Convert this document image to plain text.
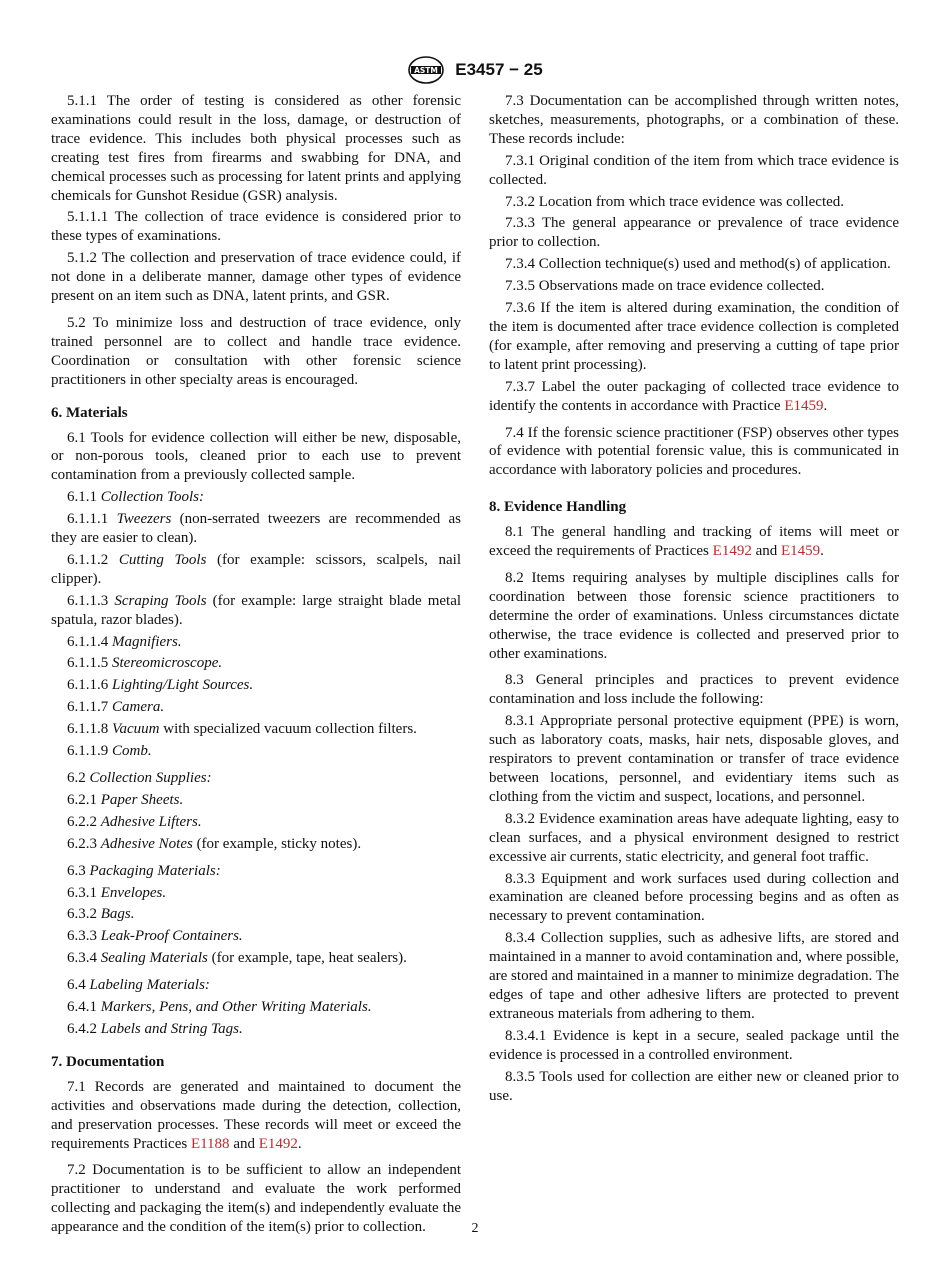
ASTM E3457 − 25

5.1.1 The order of testing is considered as other forensic examinations could result in the loss, damage, or destruction of trace evidence. This includes both physical processes such as creating test fires from firearms and swabbing for DNA, and chemical processes such as processing for latent prints and applying chemicals for Gunshot Residue (GSR) analysis.

5.1.1.1 The collection of trace evidence is considered prior to these types of examinations.

5.1.2 The collection and preservation of trace evidence could, if not done in a deliberate manner, damage other types of evidence present on an item such as DNA, latent prints, and GSR.

5.2 To minimize loss and destruction of trace evidence, only trained personnel are to collect and handle trace evidence. Coordination or consultation with other forensic science practitioners in other specialty areas is encouraged.

6. Materials

6.1 Tools for evidence collection will either be new, disposable, or non-porous tools, cleaned prior to each use to prevent contamination from a previously collected sample.

6.1.1 Collection Tools:

6.1.1.1 Tweezers (non-serrated tweezers are recommended as they are easier to clean).

6.1.1.2 Cutting Tools (for example: scissors, scalpels, nail clipper).

6.1.1.3 Scraping Tools (for example: large straight blade metal spatula, razor blades).

6.1.1.4 Magnifiers.

6.1.1.5 Stereomicroscope.

6.1.1.6 Lighting/Light Sources.

6.1.1.7 Camera.

6.1.1.8 Vacuum with specialized vacuum collection filters.

6.1.1.9 Comb.

6.2 Collection Supplies:

6.2.1 Paper Sheets.

6.2.2 Adhesive Lifters.

6.2.3 Adhesive Notes (for example, sticky notes).

6.3 Packaging Materials:

6.3.1 Envelopes.

6.3.2 Bags.

6.3.3 Leak-Proof Containers.

6.3.4 Sealing Materials (for example, tape, heat sealers).

6.4 Labeling Materials:

6.4.1 Markers, Pens, and Other Writing Materials.

6.4.2 Labels and String Tags.

7. Documentation

7.1 Records are generated and maintained to document the activities and observations made during the detection, collection, and preservation processes. These records will meet or exceed the requirements Practices E1188 and E1492.

7.2 Documentation is to be sufficient to allow an independent practitioner to understand and evaluate the work performed collecting and packaging the item(s) and independently evaluate the appearance and the condition of the item(s) prior to collection.

7.3 Documentation can be accomplished through written notes, sketches, measurements, photographs, or a combination of these. These records include:

7.3.1 Original condition of the item from which trace evidence is collected.

7.3.2 Location from which trace evidence was collected.

7.3.3 The general appearance or prevalence of trace evidence prior to collection.

7.3.4 Collection technique(s) used and method(s) of application.

7.3.5 Observations made on trace evidence collected.

7.3.6 If the item is altered during examination, the condition of the item is documented after trace evidence collection is completed (for example, after removing and preserving a cutting of tape prior to latent print processing).

7.3.7 Label the outer packaging of collected trace evidence to identify the contents in accordance with Practice E1459.

7.4 If the forensic science practitioner (FSP) observes other types of evidence with potential forensic value, this is communicated in accordance with laboratory policies and procedures.

8. Evidence Handling

8.1 The general handling and tracking of items will meet or exceed the requirements of Practices E1492 and E1459.

8.2 Items requiring analyses by multiple disciplines calls for coordination between those forensic science practitioners to determine the order of examinations. Unless circumstances dictate otherwise, the trace evidence is collected and preserved prior to other examinations.

8.3 General principles and practices to prevent evidence contamination and loss include the following:

8.3.1 Appropriate personal protective equipment (PPE) is worn, such as laboratory coats, masks, hair nets, disposable gloves, and respirators to prevent contamination or transfer of trace evidence between locations, personnel, and evidentiary items such as clothing from the victim and suspect, locations, and personnel.

8.3.2 Evidence examination areas have adequate lighting, easy to clean surfaces, and a physical environment designed to restrict excessive air currents, static electricity, and general foot traffic.

8.3.3 Equipment and work surfaces used during collection and examination are cleaned before processing begins and as often as necessary to prevent contamination.

8.3.4 Collection supplies, such as adhesive lifts, are stored and maintained in a manner to avoid contamination and, where possible, are stored and maintained in a manner to minimize degradation. The edges of tape and other adhesive lifters are protected to prevent extraneous materials from adhering to them.

8.3.4.1 Evidence is kept in a secure, sealed package until the evidence is processed in a controlled environment.

8.3.5 Tools used for collection are either new or cleaned prior to use.

2
